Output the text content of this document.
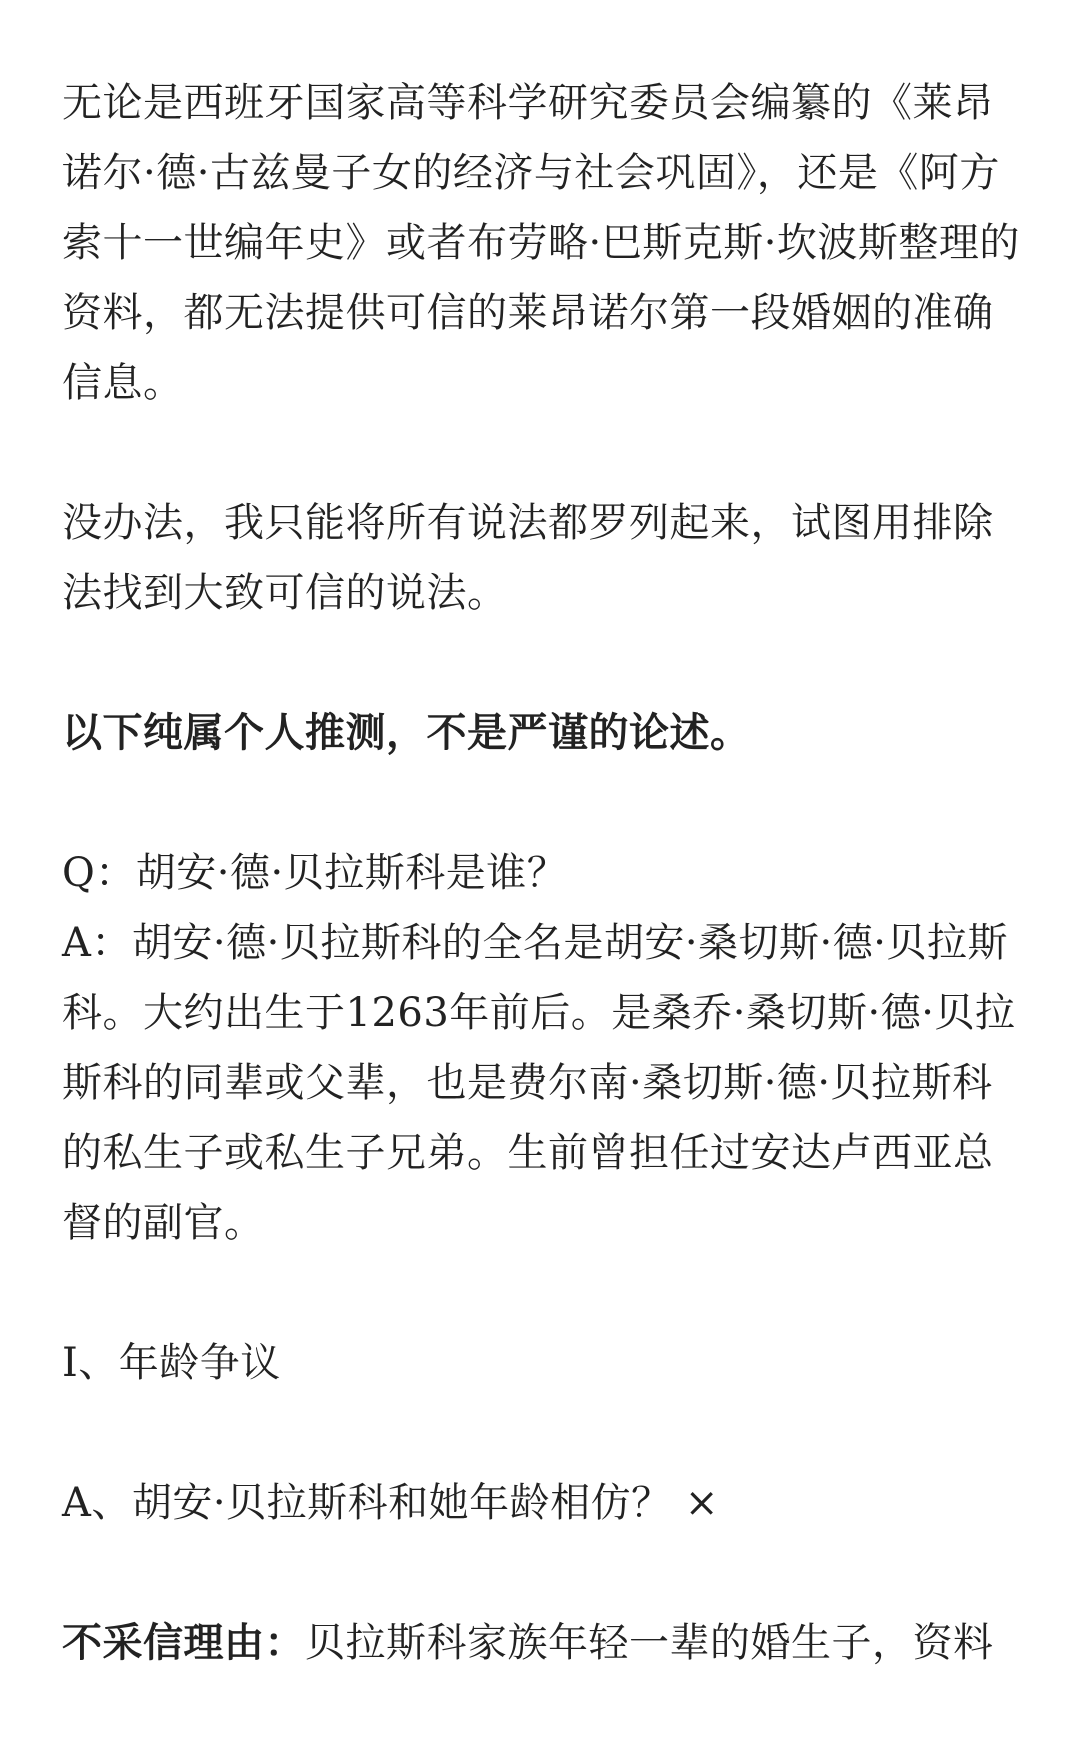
无论是西班牙国家高等科学研究委员会编纂的《莱昂诺尔·德·古兹曼子女的经济与社会巩固》，还是《阿方索十一世编年史》或者布劳略·巴斯克斯·坎波斯整理的资料，都无法提供可信的莱昂诺尔第一段婚姻的准确信息。

没办法，我只能将所有说法都罗列起来，试图用排除法找到大致可信的说法。

以下纯属个人推测，不是严谨的论述。

Q：胡安·德·贝拉斯科是谁？
A：胡安·德·贝拉斯科的全名是胡安·桑切斯·德·贝拉斯科。大约出生于1263年前后。是桑乔·桑切斯·德·贝拉斯科的同辈或父辈，也是费尔南·桑切斯·德·贝拉斯科的私生子或私生子兄弟。生前曾担任过安达卢西亚总督的副官。

I、年龄争议

A、胡安·贝拉斯科和她年龄相仿？ ×

不采信理由：贝拉斯科家族年轻一辈的婚生子，资料
